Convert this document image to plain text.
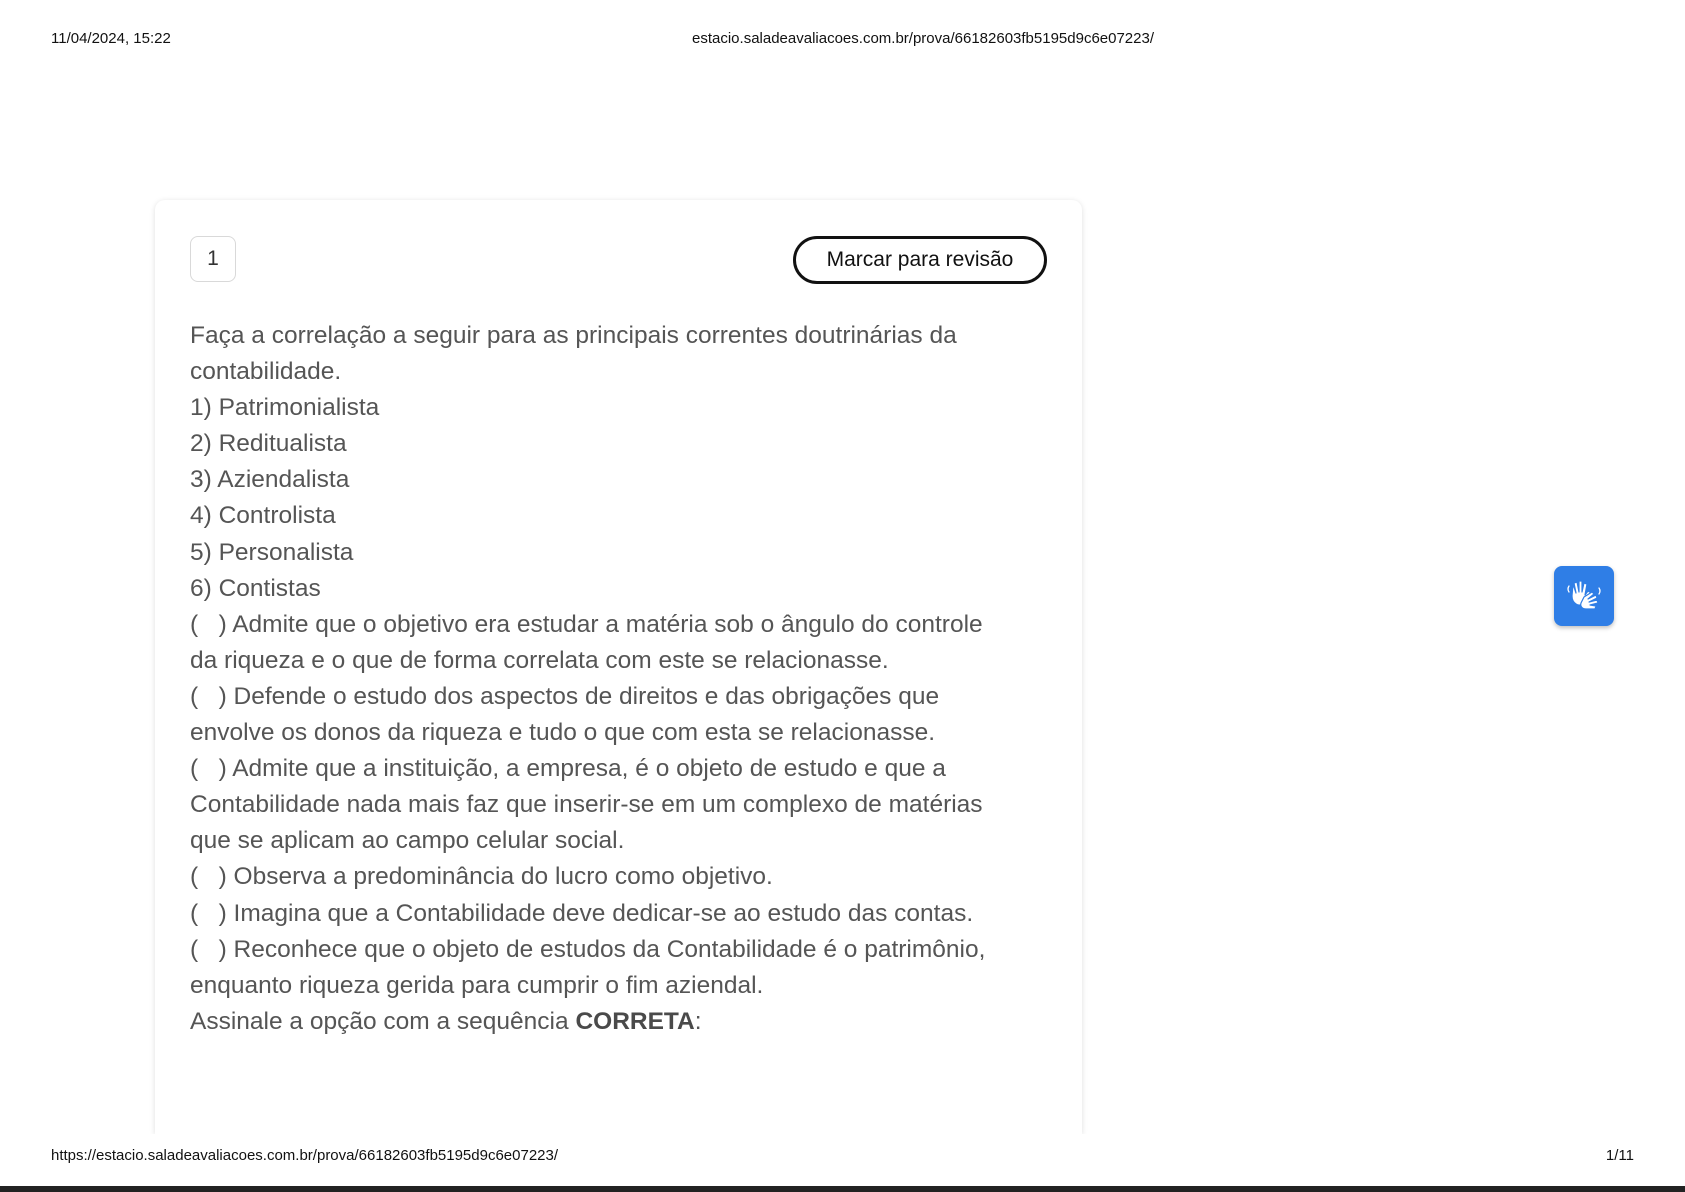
11/04/2024, 15:22	estacio.saladeavaliacoes.com.br/prova/66182603fb5195d9c6e07223/
1	Marcar para revisão
Faça a correlação a seguir para as principais correntes doutrinárias da
contabilidade.
1) Patrimonialista
2) Reditualista
3) Aziendalista
4) Controlista
5) Personalista
6) Contistas
(   ) Admite que o objetivo era estudar a matéria sob o ângulo do controle
da riqueza e o que de forma correlata com este se relacionasse.
(   ) Defende o estudo dos aspectos de direitos e das obrigações que
envolve os donos da riqueza e tudo o que com esta se relacionasse.
(   ) Admite que a instituição, a empresa, é o objeto de estudo e que a
Contabilidade nada mais faz que inserir-se em um complexo de matérias
que se aplicam ao campo celular social.
(   ) Observa a predominância do lucro como objetivo.
(   ) Imagina que a Contabilidade deve dedicar-se ao estudo das contas.
(   ) Reconhece que o objeto de estudos da Contabilidade é o patrimônio,
enquanto riqueza gerida para cumprir o fim aziendal.
Assinale a opção com a sequência CORRETA:
https://estacio.saladeavaliacoes.com.br/prova/66182603fb5195d9c6e07223/	1/11
